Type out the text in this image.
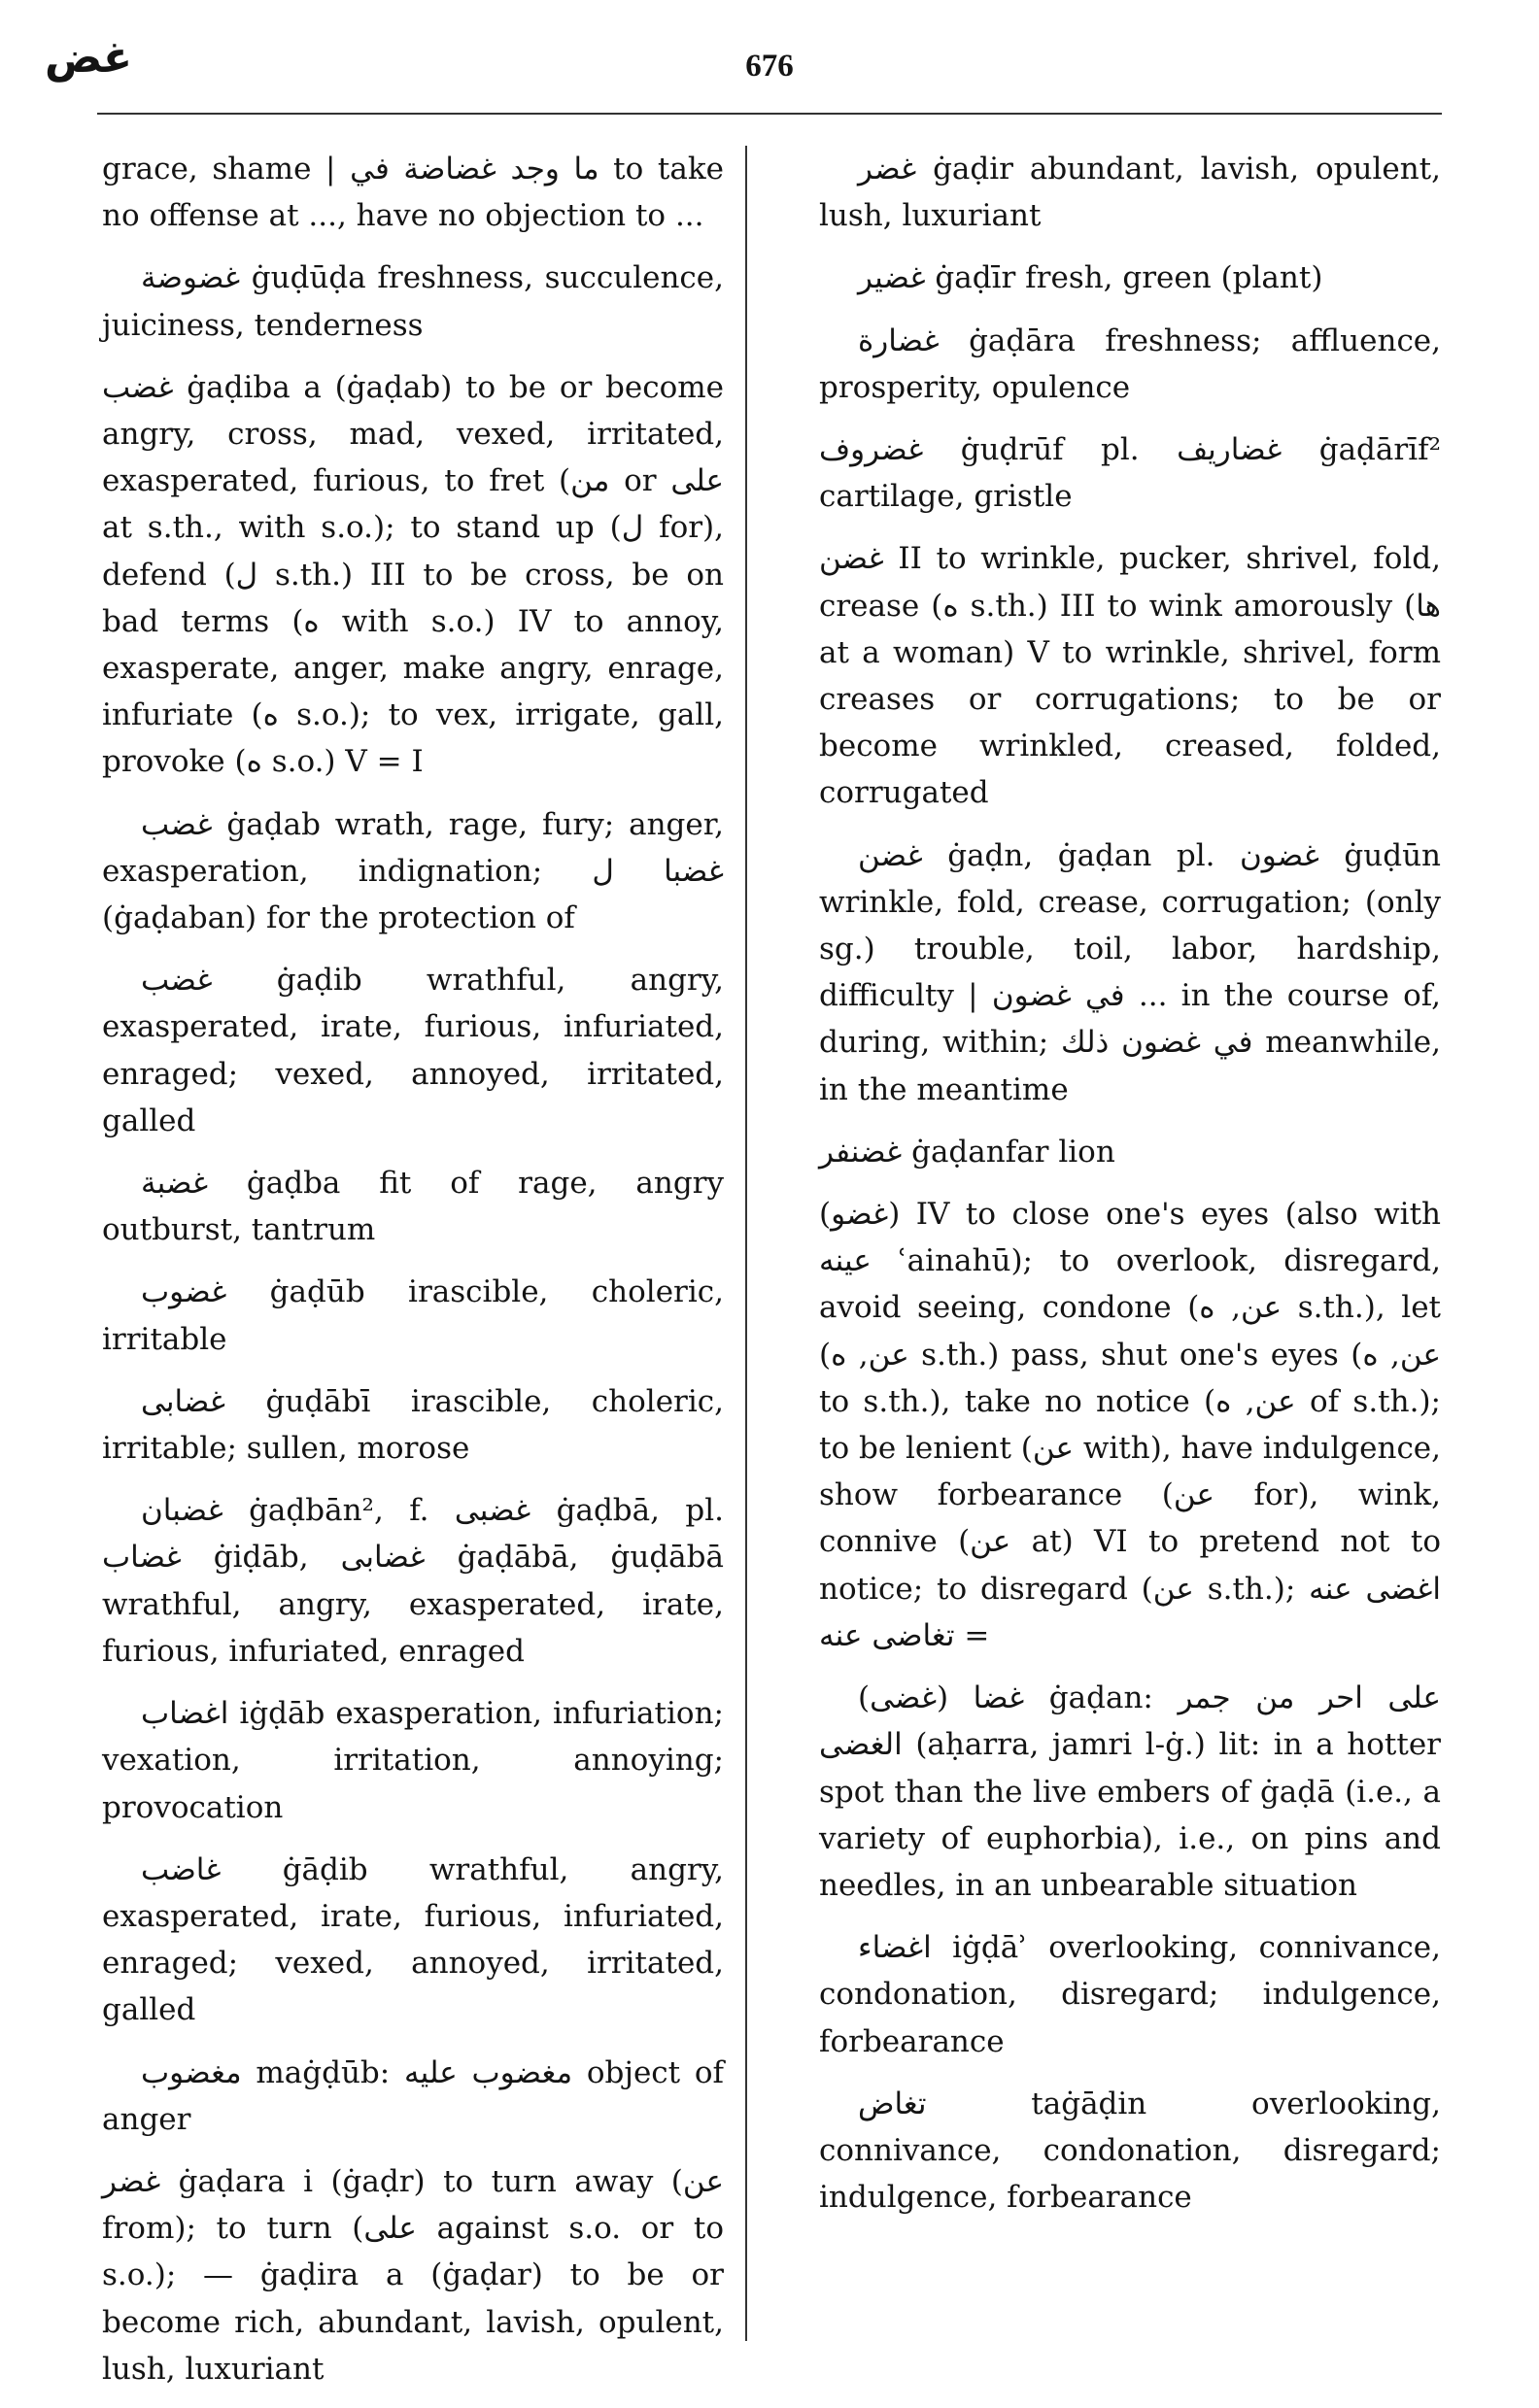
غض	676

grace, shame | ما وجد غضاضة في to take no offense at ..., have no objection to ...

غضوضة ġuḍūḍa freshness, succulence, juiciness, tenderness

غضب ġaḍiba a (ġaḍab) to be or become angry, cross, mad, vexed, irritated, exasperated, furious, to fret (من or على at s.th., with s.o.); to stand up (ل for), defend (ل s.th.) III to be cross, be on bad terms (ه with s.o.) IV to annoy, exasperate, anger, make angry, enrage, infuriate (ه s.o.); to vex, irrigate, gall, provoke (ه s.o.) V = I

غضب ġaḍab wrath, rage, fury; anger, exasperation, indignation; غضبا ل (ġaḍaban) for the protection of

غضب ġaḍib wrathful, angry, exasperated, irate, furious, infuriated, enraged; vexed, annoyed, irritated, galled

غضبة ġaḍba fit of rage, angry outburst, tantrum

غضوب ġaḍūb irascible, choleric, irritable

غضابى ġuḍābī irascible, choleric, irritable; sullen, morose

غضبان ġaḍbān², f. غضبى ġaḍbā, pl. غضاب ġiḍāb, غضابى ġaḍābā, ġuḍābā wrathful, angry, exasperated, irate, furious, infuriated, enraged

اغضاب iġḍāb exasperation, infuriation; vexation, irritation, annoying; provocation

غاضب ġāḍib wrathful, angry, exasperated, irate, furious, infuriated, enraged; vexed, annoyed, irritated, galled

مغضوب maġḍūb: مغضوب عليه object of anger

غضر ġaḍara i (ġaḍr) to turn away (عن from); to turn (على against s.o. or to s.o.); — ġaḍira a (ġaḍar) to be or become rich, abundant, lavish, opulent, lush, luxuriant

غضر ġaḍir abundant, lavish, opulent, lush, luxuriant

غضير ġaḍīr fresh, green (plant)

غضارة ġaḍāra freshness; affluence, prosperity, opulence

غضروف ġuḍrūf pl. غضاريف ġaḍārīf² cartilage, gristle

غضن II to wrinkle, pucker, shrivel, fold, crease (ه s.th.) III to wink amorously (ها at a woman) V to wrinkle, shrivel, form creases or corrugations; to be or become wrinkled, creased, folded, corrugated

غضن ġaḍn, ġaḍan pl. غضون ġuḍūn wrinkle, fold, crease, corrugation; (only sg.) trouble, toil, labor, hardship, difficulty | في غضون ... in the course of, during, within; في غضون ذلك meanwhile, in the meantime

غضنفر ġaḍanfar lion

(غضو) IV to close one's eyes (also with عينه ʿainahū); to overlook, disregard, avoid seeing, condone (عن, ه s.th.), let (عن, ه s.th.) pass, shut one's eyes (عن, ه to s.th.), take no notice (عن, ه of s.th.); to be lenient (عن with), have indulgence, show forbearance (عن for), wink, connive (عن at) VI to pretend not to notice; to disregard (عن s.th.); اغضى عنه = تغاضى عنه

غضا (غضى) ġaḍan: على احر من جمر الغضى (aḥarra, jamri l-ġ.) lit: in a hotter spot than the live embers of ġaḍā (i.e., a variety of euphorbia), i.e., on pins and needles, in an unbearable situation

اغضاء iġḍāʾ overlooking, connivance, condonation, disregard; indulgence, forbearance

تغاض taġāḍin overlooking, connivance, condonation, disregard; indulgence, forbearance
